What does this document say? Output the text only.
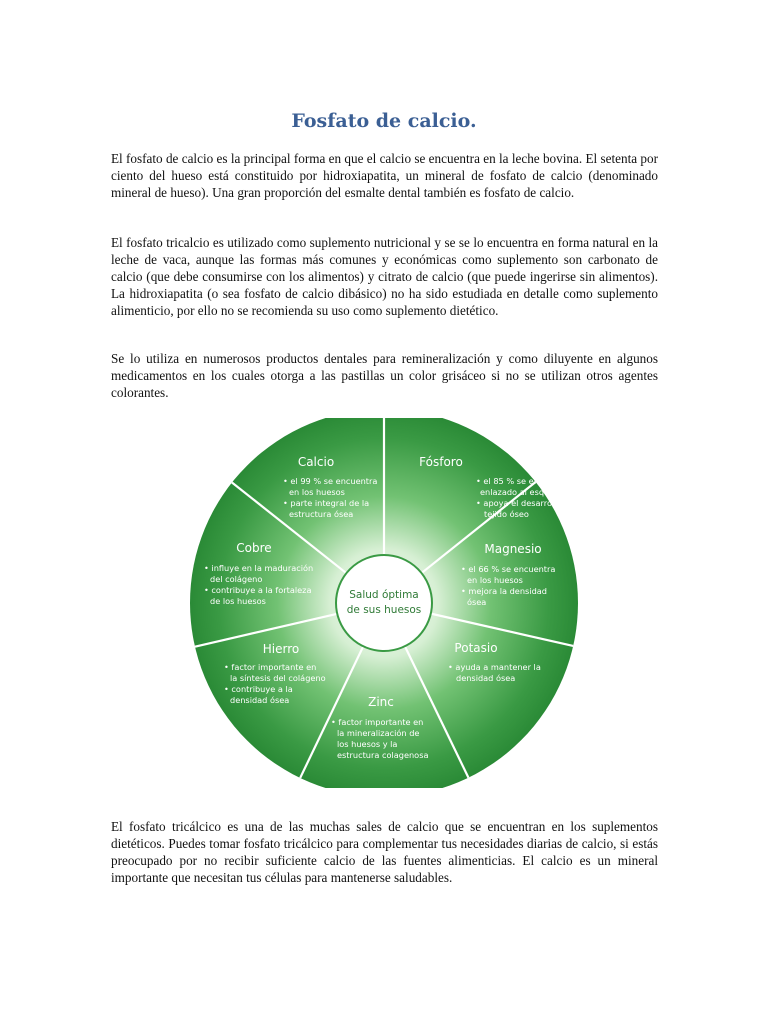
Fosfato de calcio.

El fosfato de calcio es la principal forma en que el calcio se encuentra en la leche bovina. El setenta por ciento del hueso está constituido por hidroxiapatita, un mineral de fosfato de calcio (denominado mineral de hueso). Una gran proporción del esmalte dental también es fosfato de calcio.

El fosfato tricalcio es utilizado como suplemento nutricional y se se lo encuentra en forma natural en la leche de vaca, aunque las formas más comunes y económicas como suplemento son carbonato de calcio (que debe consumirse con los alimentos) y citrato de calcio (que puede ingerirse sin alimentos). La hidroxiapatita (o sea fosfato de calcio dibásico) no ha sido estudiada en detalle como suplemento alimenticio, por ello no se recomienda su uso como suplemento dietético.

Se lo utiliza en numerosos productos dentales para remineralización y como diluyente en algunos medicamentos en los cuales otorga a las pastillas un color grisáceo si no se utilizan otros agentes colorantes.

Salud óptima
de sus huesos
Calcio
• el 99 % se encuentra
en los huesos
• parte integral de la
estructura ósea
Fósforo
• el 85 % se encuentra
enlazado al esqueleto
• apoya el desarrollo de
tejido óseo
Magnesio
• el 66 % se encuentra
en los huesos
• mejora la densidad
ósea
Potasio
• ayuda a mantener la
densidad ósea
Zinc
• factor importante en
la mineralización de
los huesos y la
estructura colagenosa
Hierro
• factor importante en
la síntesis del colágeno
• contribuye a la
densidad ósea
Cobre
• influye en la maduración
del colágeno
• contribuye a la fortaleza
de los huesos

El fosfato tricálcico es una de las muchas sales de calcio que se encuentran en los suplementos dietéticos. Puedes tomar fosfato tricálcico para complementar tus necesidades diarias de calcio, si estás preocupado por no recibir suficiente calcio de las fuentes alimenticias. El calcio es un mineral importante que necesitan tus células para mantenerse saludables.
